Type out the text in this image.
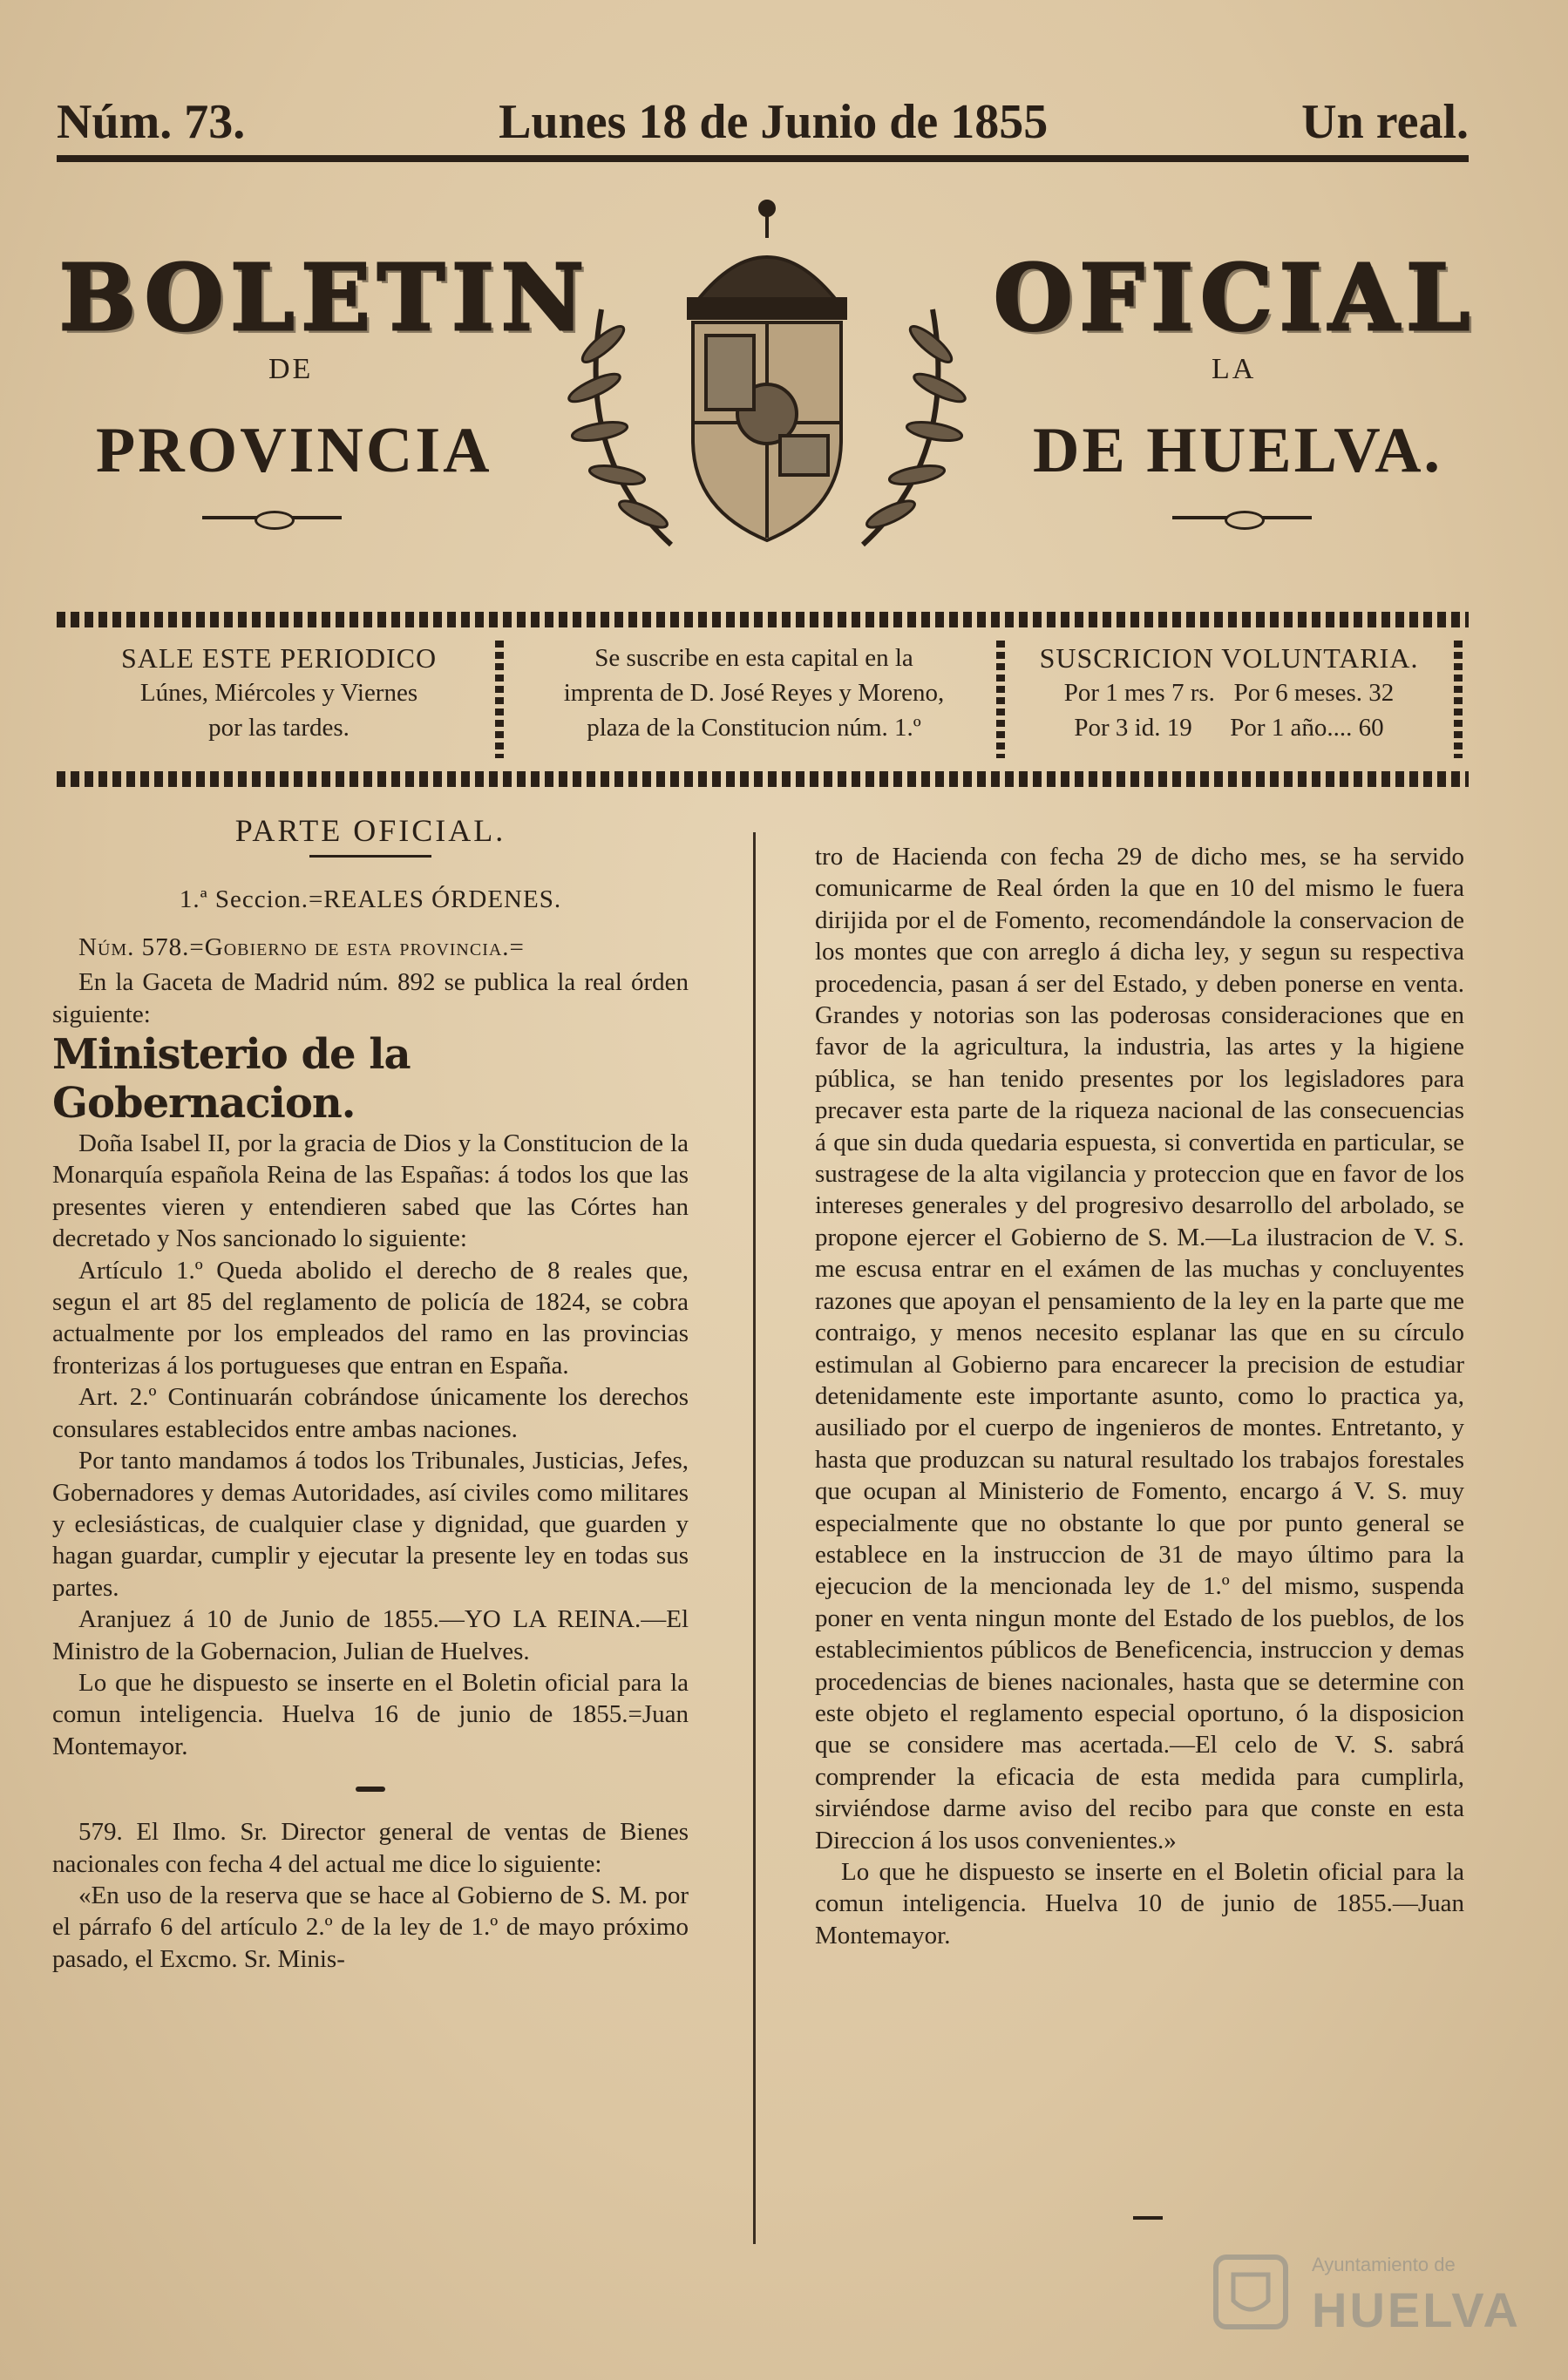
Núm. 73.	Lunes 18 de Junio de 1855	Un real.
BOLETIN	OFICIAL
DE	LA
PROVINCIA	DE HUELVA.
SALE ESTE PERIODICO
Lúnes, Miércoles y Viernes
por las tardes.
Se suscribe en esta capital en la
imprenta de D. José Reyes y Moreno,
plaza de la Constitucion núm. 1.º
SUSCRICION VOLUNTARIA.
Por 1 mes 7 rs.   Por 6 meses. 32
Por 3 id. 19      Por 1 año.... 60

PARTE OFICIAL.

1.ª Seccion.=REALES ÓRDENES.

Núm. 578.=Gobierno de esta provincia.=

En la Gaceta de Madrid núm. 892 se publica la real órden siguiente:

Ministerio de la Gobernacion.

Doña Isabel II, por la gracia de Dios y la Constitucion de la Monarquía española Reina de las Españas: á todos los que las presentes vieren y entendieren sabed que las Córtes han decretado y Nos sancionado lo siguiente:

Artículo 1.º Queda abolido el derecho de 8 reales que, segun el art 85 del reglamento de policía de 1824, se cobra actualmente por los empleados del ramo en las provincias fronterizas á los portugueses que entran en España.

Art. 2.º Continuarán cobrándose únicamente los derechos consulares establecidos entre ambas naciones.

Por tanto mandamos á todos los Tribunales, Justicias, Jefes, Gobernadores y demas Autoridades, así civiles como militares y eclesiásticas, de cualquier clase y dignidad, que guarden y hagan guardar, cumplir y ejecutar la presente ley en todas sus partes.

Aranjuez á 10 de Junio de 1855.—YO LA REINA.—El Ministro de la Gobernacion, Julian de Huelves.

Lo que he dispuesto se inserte en el Boletin oficial para la comun inteligencia. Huelva 16 de junio de 1855.=Juan Montemayor.

579. El Ilmo. Sr. Director general de ventas de Bienes nacionales con fecha 4 del actual me dice lo siguiente:

«En uso de la reserva que se hace al Gobierno de S. M. por el párrafo 6 del artículo 2.º de la ley de 1.º de mayo próximo pasado, el Excmo. Sr. Minis-

tro de Hacienda con fecha 29 de dicho mes, se ha servido comunicarme de Real órden la que en 10 del mismo le fuera dirijida por el de Fomento, recomendándole la conservacion de los montes que con arreglo á dicha ley, y segun su respectiva procedencia, pasan á ser del Estado, y deben ponerse en venta. Grandes y notorias son las poderosas consideraciones que en favor de la agricultura, la industria, las artes y la higiene pública, se han tenido presentes por los legisladores para precaver esta parte de la riqueza nacional de las consecuencias á que sin duda quedaria espuesta, si convertida en particular, se sustragese de la alta vigilancia y proteccion que en favor de los intereses generales y del progresivo desarrollo del arbolado, se propone ejercer el Gobierno de S. M.—La ilustracion de V. S. me escusa entrar en el exámen de las muchas y concluyentes razones que apoyan el pensamiento de la ley en la parte que me contraigo, y menos necesito esplanar las que en su círculo estimulan al Gobierno para encarecer la precision de estudiar detenidamente este importante asunto, como lo practica ya, ausiliado por el cuerpo de ingenieros de montes. Entretanto, y hasta que produzcan su natural resultado los trabajos forestales que ocupan al Ministerio de Fomento, encargo á V. S. muy especialmente que no obstante lo que por punto general se establece en la instruccion de 31 de mayo último para la ejecucion de la mencionada ley de 1.º del mismo, suspenda poner en venta ningun monte del Estado de los pueblos, de los establecimientos públicos de Beneficencia, instruccion y demas procedencias de bienes nacionales, hasta que se determine con este objeto el reglamento especial oportuno, ó la disposicion que se considere mas acertada.—El celo de V. S. sabrá comprender la eficacia de esta medida para cumplirla, sirviéndose darme aviso del recibo para que conste en esta Direccion á los usos convenientes.»

Lo que he dispuesto se inserte en el Boletin oficial para la comun inteligencia. Huelva 10 de junio de 1855.—Juan Montemayor.

Ayuntamiento de
HUELVA
